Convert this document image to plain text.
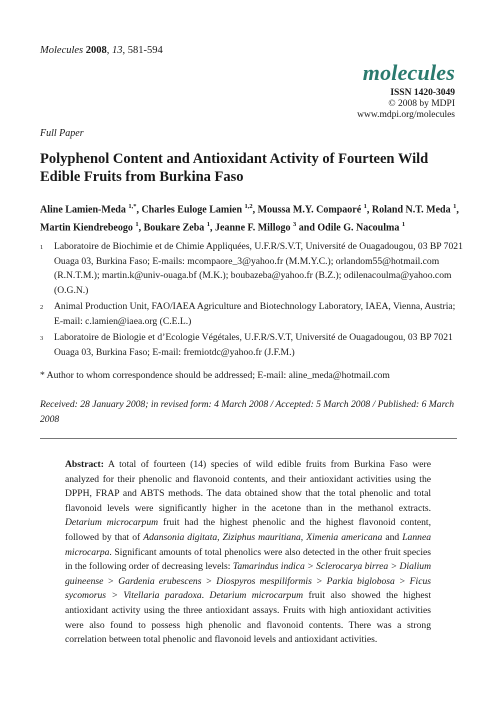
Molecules 2008, 13, 581-594
molecules
ISSN 1420-3049
© 2008 by MDPI
www.mdpi.org/molecules
Full Paper
Polyphenol Content and Antioxidant Activity of Fourteen Wild Edible Fruits from Burkina Faso
Aline Lamien-Meda $^{1,*}$, Charles Euloge Lamien $^{1,2}$, Moussa M.Y. Compaoré $^1$, Roland N.T. Meda $^1$, Martin Kiendrebeogo $^1$, Boukare Zeba $^1$, Jeanne F. Millogo $^3$ and Odile G. Nacoulma $^1$
1 Laboratoire de Biochimie et de Chimie Appliquées, U.F.R/S.V.T, Université de Ouagadougou, 03 BP 7021 Ouaga 03, Burkina Faso; E-mails: mcompaore_3@yahoo.fr (M.M.Y.C.); orlandom55@hotmail.com (R.N.T.M.); martin.k@univ-ouaga.bf (M.K.); boubazeba@yahoo.fr (B.Z.); odilenacoulma@yahoo.com (O.G.N.)
2 Animal Production Unit, FAO/IAEA Agriculture and Biotechnology Laboratory, IAEA, Vienna, Austria; E-mail: c.lamien@iaea.org (C.E.L.)
3 Laboratoire de Biologie et d’Ecologie Végétales, U.F.R/S.V.T, Université de Ouagadougou, 03 BP 7021 Ouaga 03, Burkina Faso; E-mail: fremiotdc@yahoo.fr (J.F.M.)
* Author to whom correspondence should be addressed; E-mail: aline_meda@hotmail.com
Received: 28 January 2008; in revised form: 4 March 2008 / Accepted: 5 March 2008 / Published: 6 March 2008
Abstract: A total of fourteen (14) species of wild edible fruits from Burkina Faso were analyzed for their phenolic and flavonoid contents, and their antioxidant activities using the DPPH, FRAP and ABTS methods. The data obtained show that the total phenolic and total flavonoid levels were significantly higher in the acetone than in the methanol extracts. Detarium microcarpum fruit had the highest phenolic and the highest flavonoid content, followed by that of Adansonia digitata, Ziziphus mauritiana, Ximenia americana and Lannea microcarpa. Significant amounts of total phenolics were also detected in the other fruit species in the following order of decreasing levels: Tamarindus indica > Sclerocarya birrea > Dialium guineense > Gardenia erubescens > Diospyros mespiliformis > Parkia biglobosa > Ficus sycomorus > Vitellaria paradoxa. Detarium microcarpum fruit also showed the highest antioxidant activity using the three antioxidant assays. Fruits with high antioxidant activities were also found to possess high phenolic and flavonoid contents. There was a strong correlation between total phenolic and flavonoid levels and antioxidant activities.
